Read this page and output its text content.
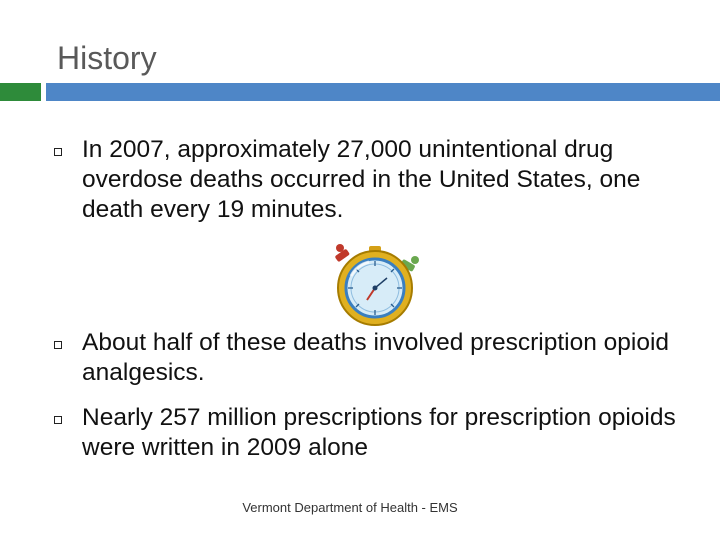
History
In 2007, approximately 27,000 unintentional drug overdose deaths occurred in the United States, one death every 19 minutes.
About half of these deaths involved prescription opioid analgesics.
Nearly 257 million prescriptions for prescription opioids were written in 2009 alone
Vermont Department of Health - EMS
